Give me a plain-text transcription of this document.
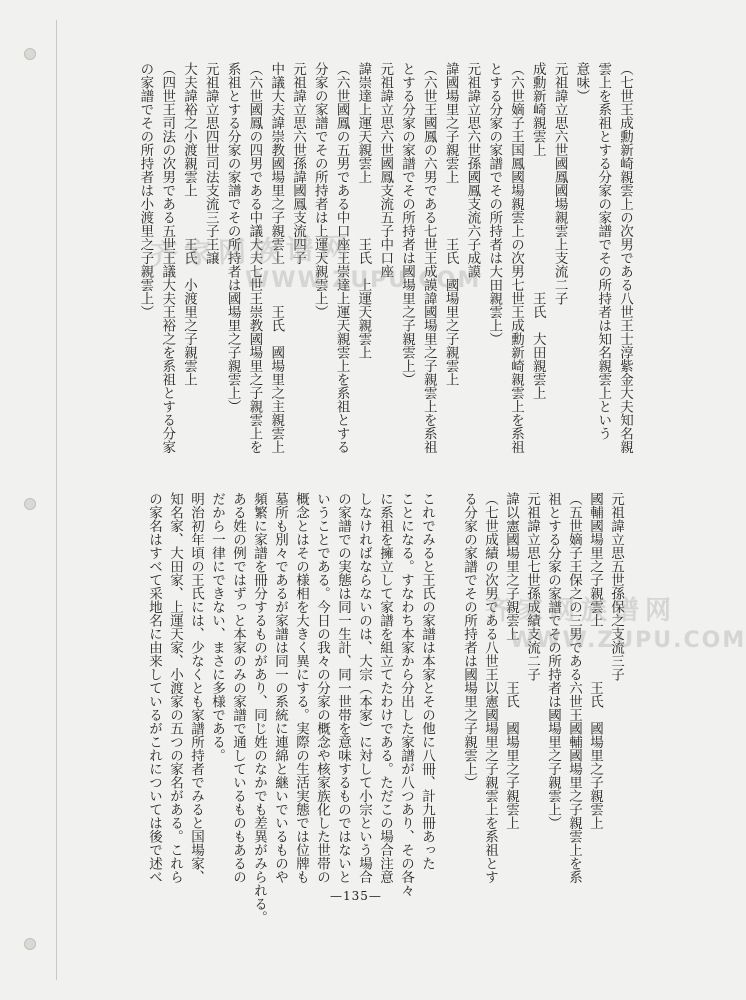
（七世王成勳新崎親雲上の次男である八世王士淳紫金大夫知名親
雲上を系祖とする分家の家譜でその所持者は知名親雲上という
意味）
元祖諱立思六世國鳳國場親雲上支流二子
成勳新崎親雲上　　　　　　　　　　王氏　大田親雲上
（六世嫡子王国鳳國場親雲上の次男七世王成勳新崎親雲上を系祖
とする分家の家譜でその所持者は大田親雲上）
元祖諱立思六世孫國鳳支流六子成謨
諱國場里之子親雲上　　　　王氏　國場里之子親雲上
（六世王國鳳の六男である七世王成謨諱國場里之子親雲上を系祖
とする分家の家譜でその所持者は國場里之子親雲上）
元祖諱立思六世國鳳支流五子中口座
諱崇達上運天親雲上　　　　王氏　上運天親雲上
（六世國鳳の五男である中口座王崇達上運天親雲上を系祖とする
分家の家譜でその所持者は上運天親雲上）
元祖諱立思六世孫諱國鳳支流四子
中議大夫諱崇教國場里之子親雲上　　　王氏　國場里之主親雲上
（六世國鳳の四男である中議大夫七世王崇教國場里之子親雲上を
系祖とする分家の家譜でその所持者は國場里之子親雲上）
元祖諱立思四世司法支流三子王譲
大夫諱裕之小渡親雲上　　　王氏　小渡里之子親雲上
（四世王司法の次男である五世王議大夫王裕之を系祖とする分家
の家譜でその所持者は小渡里之子親雲上）
元祖諱立思五世孫保之支流三子
國輔國場里之子親雲上　　　　王氏　國場里之子親雲上
（五世嫡子王保之の三男である六世王國輔國場里之子親雲上を系
祖とする分家の家譜でその所持者は國場里之子親雲上）
元祖諱立思七世孫成績支流二子
諱以憲國場里之子親雲上　　　王氏　國場里之子親雲上
（七世成績の次男である八世王以憲國場里之子親雲上を系祖とす
る分家の家譜でその所持者は國場里之子親雲上）
これでみると王氏の家譜は本家とその他に八冊、計九冊あった
ことになる。すなわち本家から分出した家譜が八つあり、その各々
に系祖を擁立して家譜を組立てたわけである。ただこの場合注意
しなければならないのは、大宗（本家）に対して小宗という場合
の家譜での実態は同一生計、同一世帯を意味するものではないと
いうことである。今日の我々の分家の概念や核家族化した世帯の
概念とはその様相を大きく異にする。実際の生活実態では位牌も
墓所も別々であるが家譜は同一の系統に連綿と継いでいるものや
頻繁に家譜を冊分するものがあり、同じ姓のなかでも差異がみられる。
ある姓の例ではずっと本家のみの家譜で通しているものもあるの
だから一律にできない、まさに多様である。
明治初年頃の王氏には、少なくとも家譜所持者でみると国場家、
知名家、大田家、上運天家、小渡家の五つの家名がある。これら
の家名はすべて采地名に由来しているがこれについては後で述べ
—135—
齐家网族谱网
WWW.ZUPU.COM
齐家网族谱网
WWW.ZUPU.COM
